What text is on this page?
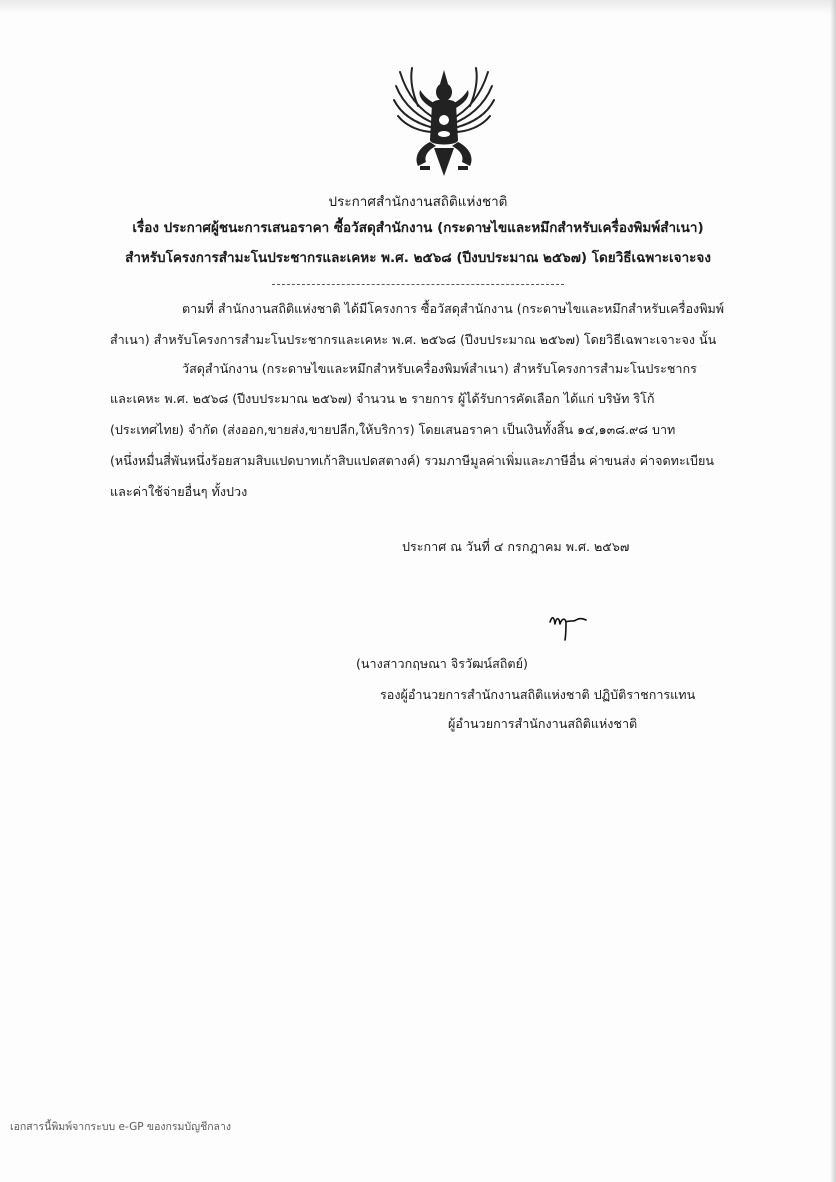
ประกาศสำนักงานสถิติแห่งชาติ
เรื่อง ประกาศผู้ชนะการเสนอราคา ซื้อวัสดุสำนักงาน (กระดาษไขและหมึกสำหรับเครื่องพิมพ์สำเนา)
สำหรับโครงการสำมะโนประชากรและเคหะ พ.ศ. ๒๕๖๘ (ปีงบประมาณ ๒๕๖๗) โดยวิธีเฉพาะเจาะจง
ตามที่ สำนักงานสถิติแห่งชาติ ได้มีโครงการ ซื้อวัสดุสำนักงาน (กระดาษไขและหมึกสำหรับเครื่องพิมพ์
สำเนา) สำหรับโครงการสำมะโนประชากรและเคหะ พ.ศ. ๒๕๖๘ (ปีงบประมาณ ๒๕๖๗) โดยวิธีเฉพาะเจาะจง นั้น
วัสดุสำนักงาน (กระดาษไขและหมึกสำหรับเครื่องพิมพ์สำเนา) สำหรับโครงการสำมะโนประชากร
และเคหะ พ.ศ. ๒๕๖๘ (ปีงบประมาณ ๒๕๖๗) จำนวน ๒ รายการ ผู้ได้รับการคัดเลือก ได้แก่ บริษัท ริโก้
(ประเทศไทย) จำกัด (ส่งออก,ขายส่ง,ขายปลีก,ให้บริการ) โดยเสนอราคา เป็นเงินทั้งสิ้น ๑๔,๑๓๘.๙๘ บาท
(หนึ่งหมื่นสี่พันหนึ่งร้อยสามสิบแปดบาทเก้าสิบแปดสตางค์) รวมภาษีมูลค่าเพิ่มและภาษีอื่น ค่าขนส่ง ค่าจดทะเบียน
และค่าใช้จ่ายอื่นๆ ทั้งปวง
ประกาศ ณ วันที่ ๔ กรกฎาคม พ.ศ. ๒๕๖๗
(นางสาวกฤษณา จิรวัฒน์สถิตย์)
รองผู้อำนวยการสำนักงานสถิติแห่งชาติ ปฏิบัติราชการแทน
ผู้อำนวยการสำนักงานสถิติแห่งชาติ
เอกสารนี้พิมพ์จากระบบ e-GP ของกรมบัญชีกลาง
